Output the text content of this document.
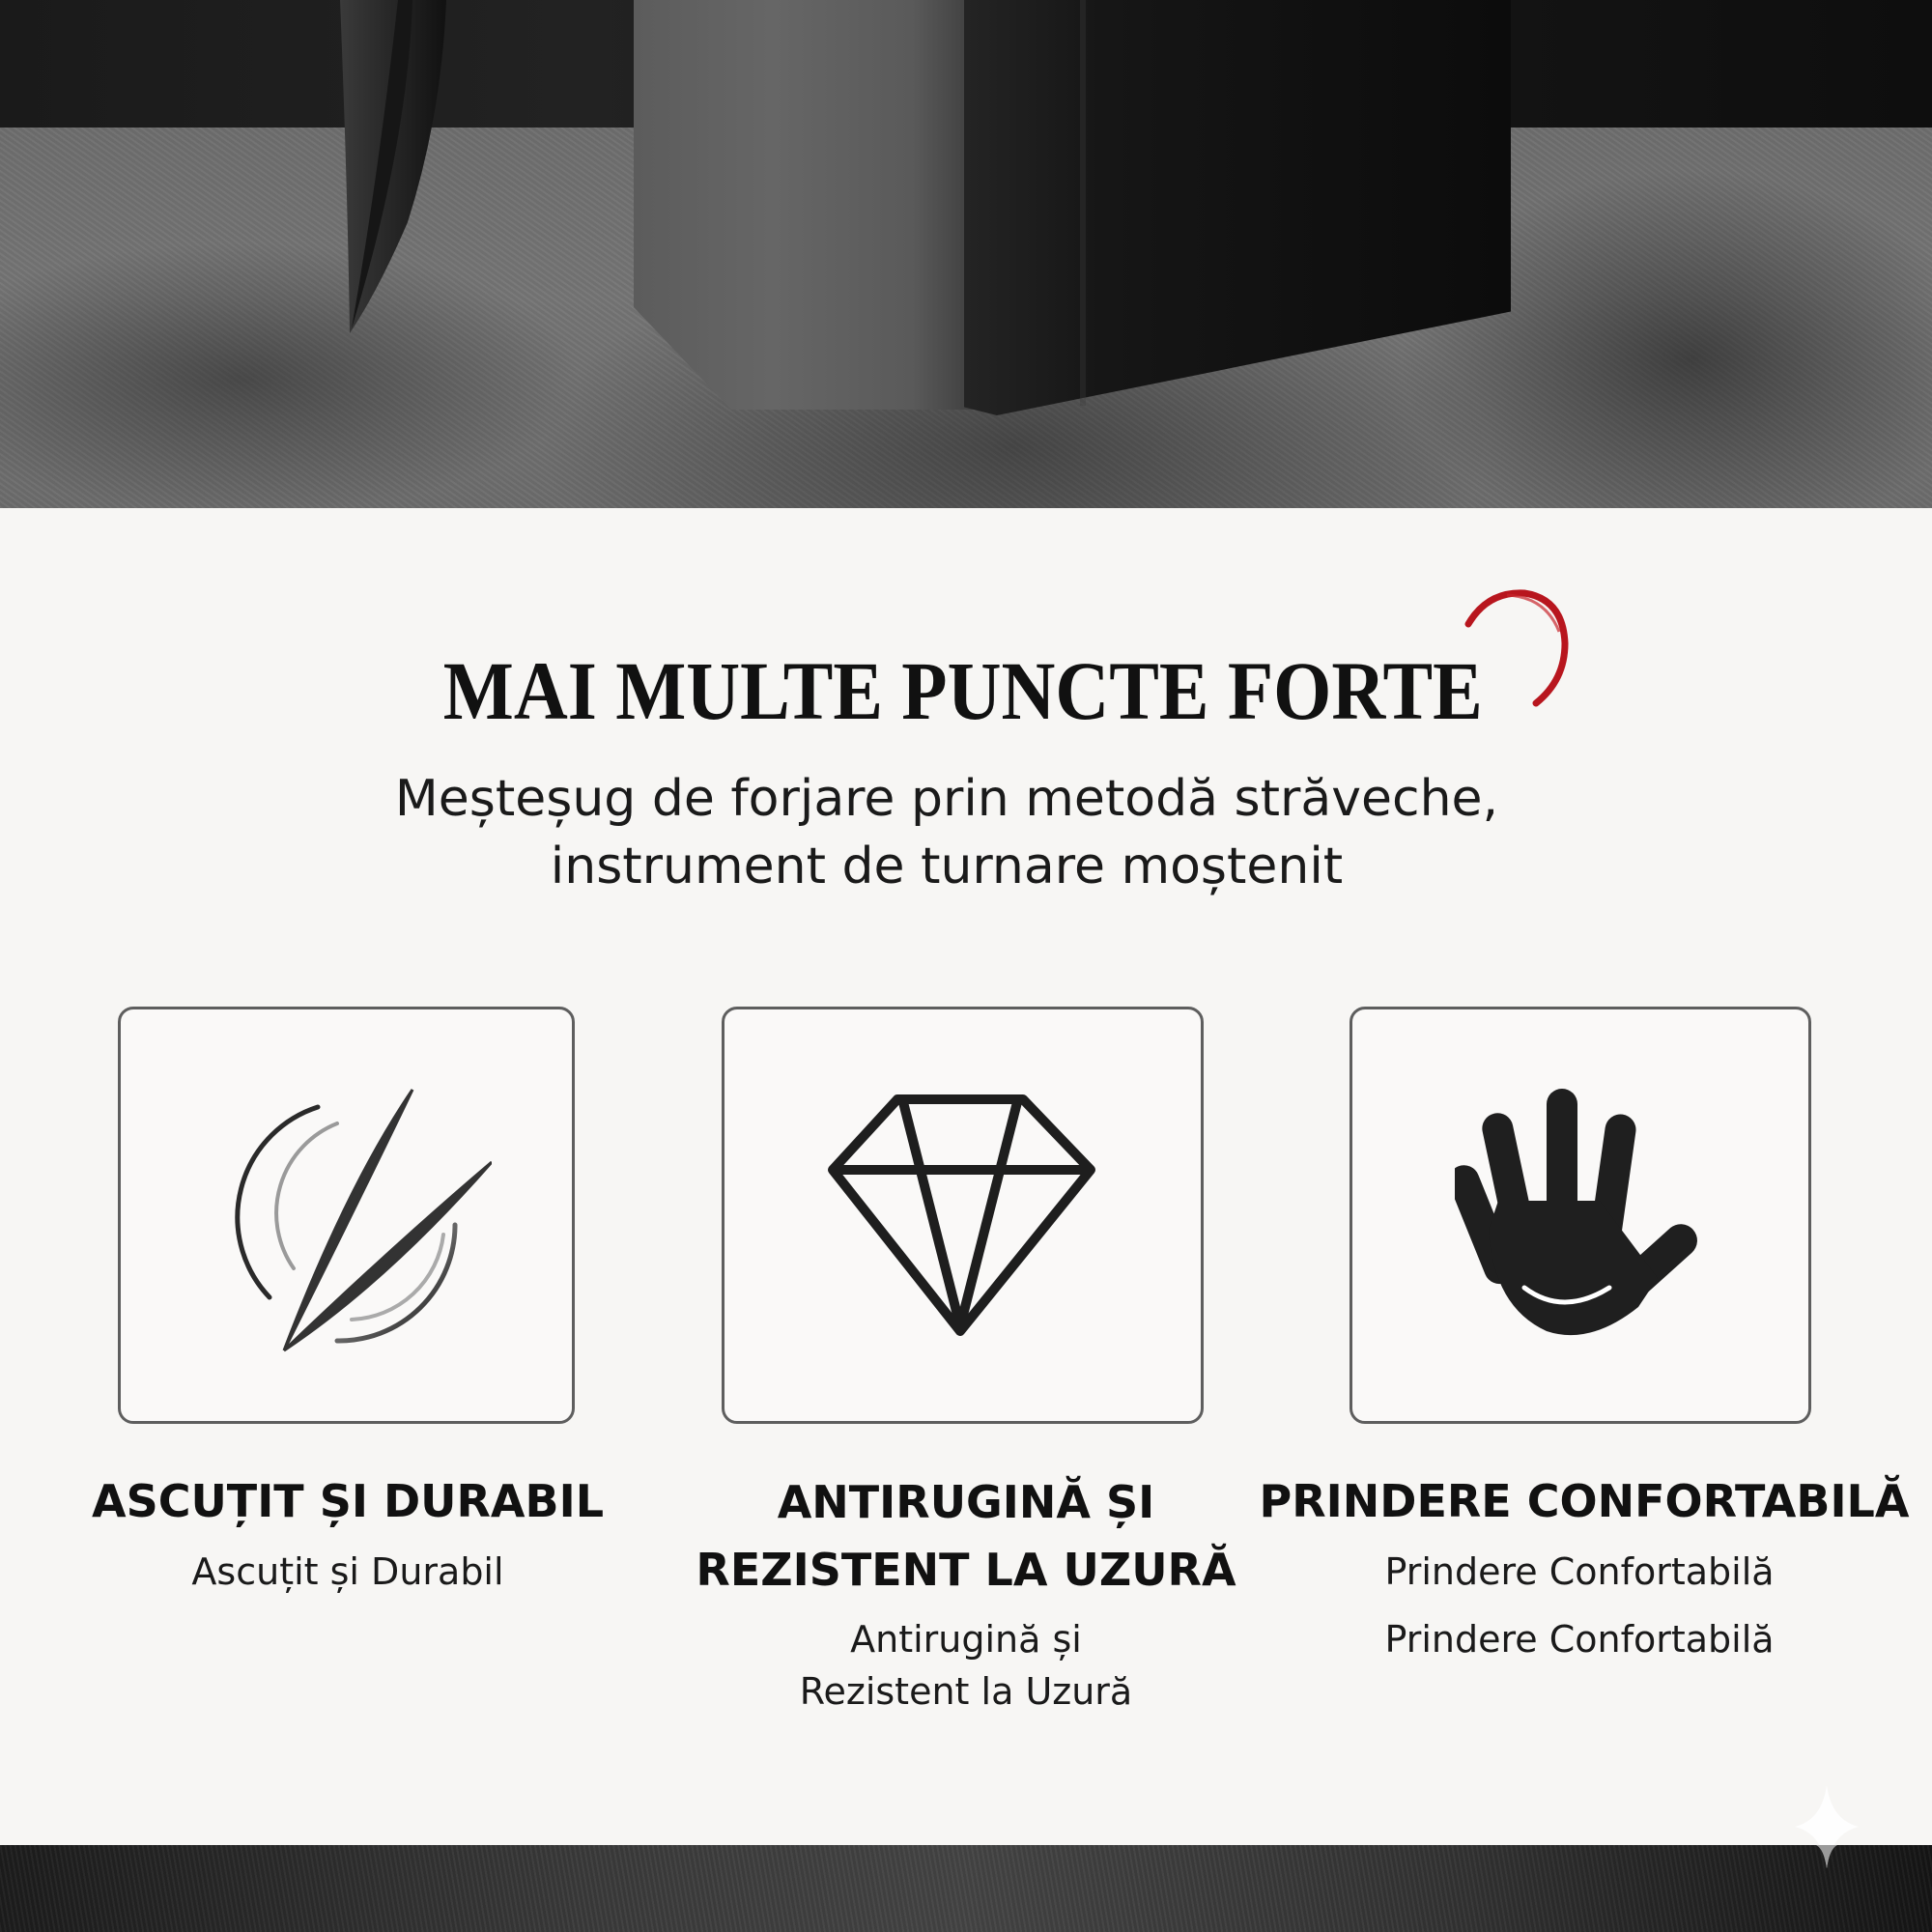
MAI MULTE PUNCTE FORTE
Meșteșug de forjare prin metodă străveche,
instrument de turnare moștenit
ASCUȚIT ȘI DURABIL
Ascuțit și Durabil
ANTIRUGINĂ ȘI
REZISTENT LA UZURĂ
Antirugină și
Rezistent la Uzură
PRINDERE CONFORTABILĂ
Prindere Confortabilă
Prindere Confortabilă
